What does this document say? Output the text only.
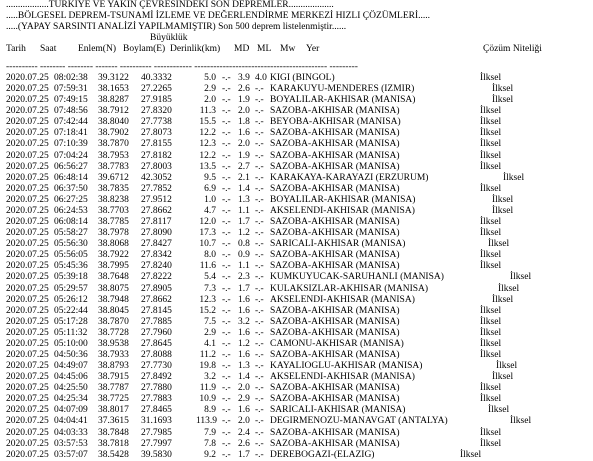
..................TÜRKİYE VE YAKIN ÇEVRESİNDEKİ SON DEPREMLER...................
.....BÖLGESEL DEPREM-TSUNAMİ İZLEME VE DEĞERLENDİRME MERKEZİ HIZLI ÇÖZÜMLERİ.....
.....(YAPAY SARSINTI ANALİZİ YAPILMAMIŞTIR) Son 500 deprem listelenmiştir......
Büyüklük
Tarih Saat Enlem(N) Boylam(E) Derinlik(km) MD ML Mw Yer	Çözüm Niteliği
---------- -------- -------- ------- ---------- ------------ ------------------------------------------ ---------
2020.07.25 08:02:38 39.3122 40.3332	5.0 -.- 3.9 4.0 KIGI (BINGOL)	İlksel
2020.07.25 07:59:31 38.1653 27.2265	2.9 -.- 2.6 -.- KARAKUYU-MENDERES (IZMIR)	İlksel
2020.07.25 07:49:15 38.8287 27.9185	2.0 -.- 1.9 -.- BOYALILAR-AKHISAR (MANISA)	İlksel
2020.07.25 07:48:56 38.7912 27.8320	11.3 -.- 2.0 -.- SAZOBA-AKHISAR (MANISA)	İlksel
2020.07.25 07:42:44 38.8040 27.7738	15.5 -.- 1.8 -.- BEYOBA-AKHISAR (MANISA)	İlksel
2020.07.25 07:18:41 38.7902 27.8073	12.2 -.- 1.6 -.- SAZOBA-AKHISAR (MANISA)	İlksel
2020.07.25 07:10:39 38.7870 27.8155	12.3 -.- 2.0 -.- SAZOBA-AKHISAR (MANISA)	İlksel
2020.07.25 07:04:24 38.7953 27.8182	12.2 -.- 1.9 -.- SAZOBA-AKHISAR (MANISA)	İlksel
2020.07.25 06:56:27 38.7783 27.8003	13.5 -.- 2.7 -.- SAZOBA-AKHISAR (MANISA)	İlksel
2020.07.25 06:48:14 39.6712 42.3052	9.5 -.- 2.1 -.- KARAKAYA-KARAYAZI (ERZURUM)	İlksel
2020.07.25 06:37:50 38.7835 27.7852	6.9 -.- 1.4 -.- SAZOBA-AKHISAR (MANISA)	İlksel
2020.07.25 06:27:25 38.8238 27.9512	1.0 -.- 1.3 -.- BOYALILAR-AKHISAR (MANISA)	İlksel
2020.07.25 06:24:53 38.7703 27.8662	4.7 -.- 1.1 -.- AKSELENDI-AKHISAR (MANISA)	İlksel
2020.07.25 06:08:14 38.7785 27.8117	12.0 -.- 1.7 -.- SAZOBA-AKHISAR (MANISA)	İlksel
2020.07.25 05:58:27 38.7978 27.8090	17.3 -.- 1.2 -.- SAZOBA-AKHISAR (MANISA)	İlksel
2020.07.25 05:56:30 38.8068 27.8427	10.7 -.- 0.8 -.- SARICALI-AKHISAR (MANISA)	İlksel
2020.07.25 05:56:05 38.7922 27.8342	8.0 -.- 0.9 -.- SAZOBA-AKHISAR (MANISA)	İlksel
2020.07.25 05:45:36 38.7995 27.8240	11.6 -.- 1.1 -.- SAZOBA-AKHISAR (MANISA)	İlksel
2020.07.25 05:39:18 38.7648 27.8222	5.4 -.- 2.3 -.- KUMKUYUCAK-SARUHANLI (MANISA)	İlksel
2020.07.25 05:29:57 38.8075 27.8905	7.3 -.- 1.7 -.- KULAKSIZLAR-AKHISAR (MANISA)	İlksel
2020.07.25 05:26:12 38.7948 27.8662	12.3 -.- 1.6 -.- AKSELENDI-AKHISAR (MANISA)	İlksel
2020.07.25 05:22:44 38.8045 27.8145	15.2 -.- 1.6 -.- SAZOBA-AKHISAR (MANISA)	İlksel
2020.07.25 05:17:28 38.7870 27.7885	7.5 -.- 3.2 -.- SAZOBA-AKHISAR (MANISA)	İlksel
2020.07.25 05:11:32 38.7728 27.7960	2.9 -.- 1.6 -.- SAZOBA-AKHISAR (MANISA)	İlksel
2020.07.25 05:10:00 38.9538 27.8645	4.1 -.- 1.2 -.- CAMONU-AKHISAR (MANISA)	İlksel
2020.07.25 04:50:36 38.7933 27.8088	11.2 -.- 1.6 -.- SAZOBA-AKHISAR (MANISA)	İlksel
2020.07.25 04:49:07 38.8793 27.7730	19.8 -.- 1.3 -.- KAYALIOGLU-AKHISAR (MANISA)	İlksel
2020.07.25 04:45:06 38.7915 27.8492	3.2 -.- 1.4 -.- AKSELENDI-AKHISAR (MANISA)	İlksel
2020.07.25 04:25:50 38.7787 27.7880	11.9 -.- 2.0 -.- SAZOBA-AKHISAR (MANISA)	İlksel
2020.07.25 04:25:34 38.7725 27.7883	10.9 -.- 2.9 -.- SAZOBA-AKHISAR (MANISA)	İlksel
2020.07.25 04:07:09 38.8017 27.8465	8.9 -.- 1.6 -.- SARICALI-AKHISAR (MANISA)	İlksel
2020.07.25 04:04:41 37.3615 31.1693	113.9 -.- 2.0 -.- DEGIRMENOZU-MANAVGAT (ANTALYA)	İlksel
2020.07.25 04:03:33 38.7848 27.7985	7.9 -.- 2.4 -.- SAZOBA-AKHISAR (MANISA)	İlksel
2020.07.25 03:57:53 38.7818 27.7997	7.8 -.- 2.6 -.- SAZOBA-AKHISAR (MANISA)	İlksel
2020.07.25 03:57:07 38.5428 39.5830	9.2 -.- 1.7 -.- DEREBOGAZI-(ELAZIG)	İlksel
